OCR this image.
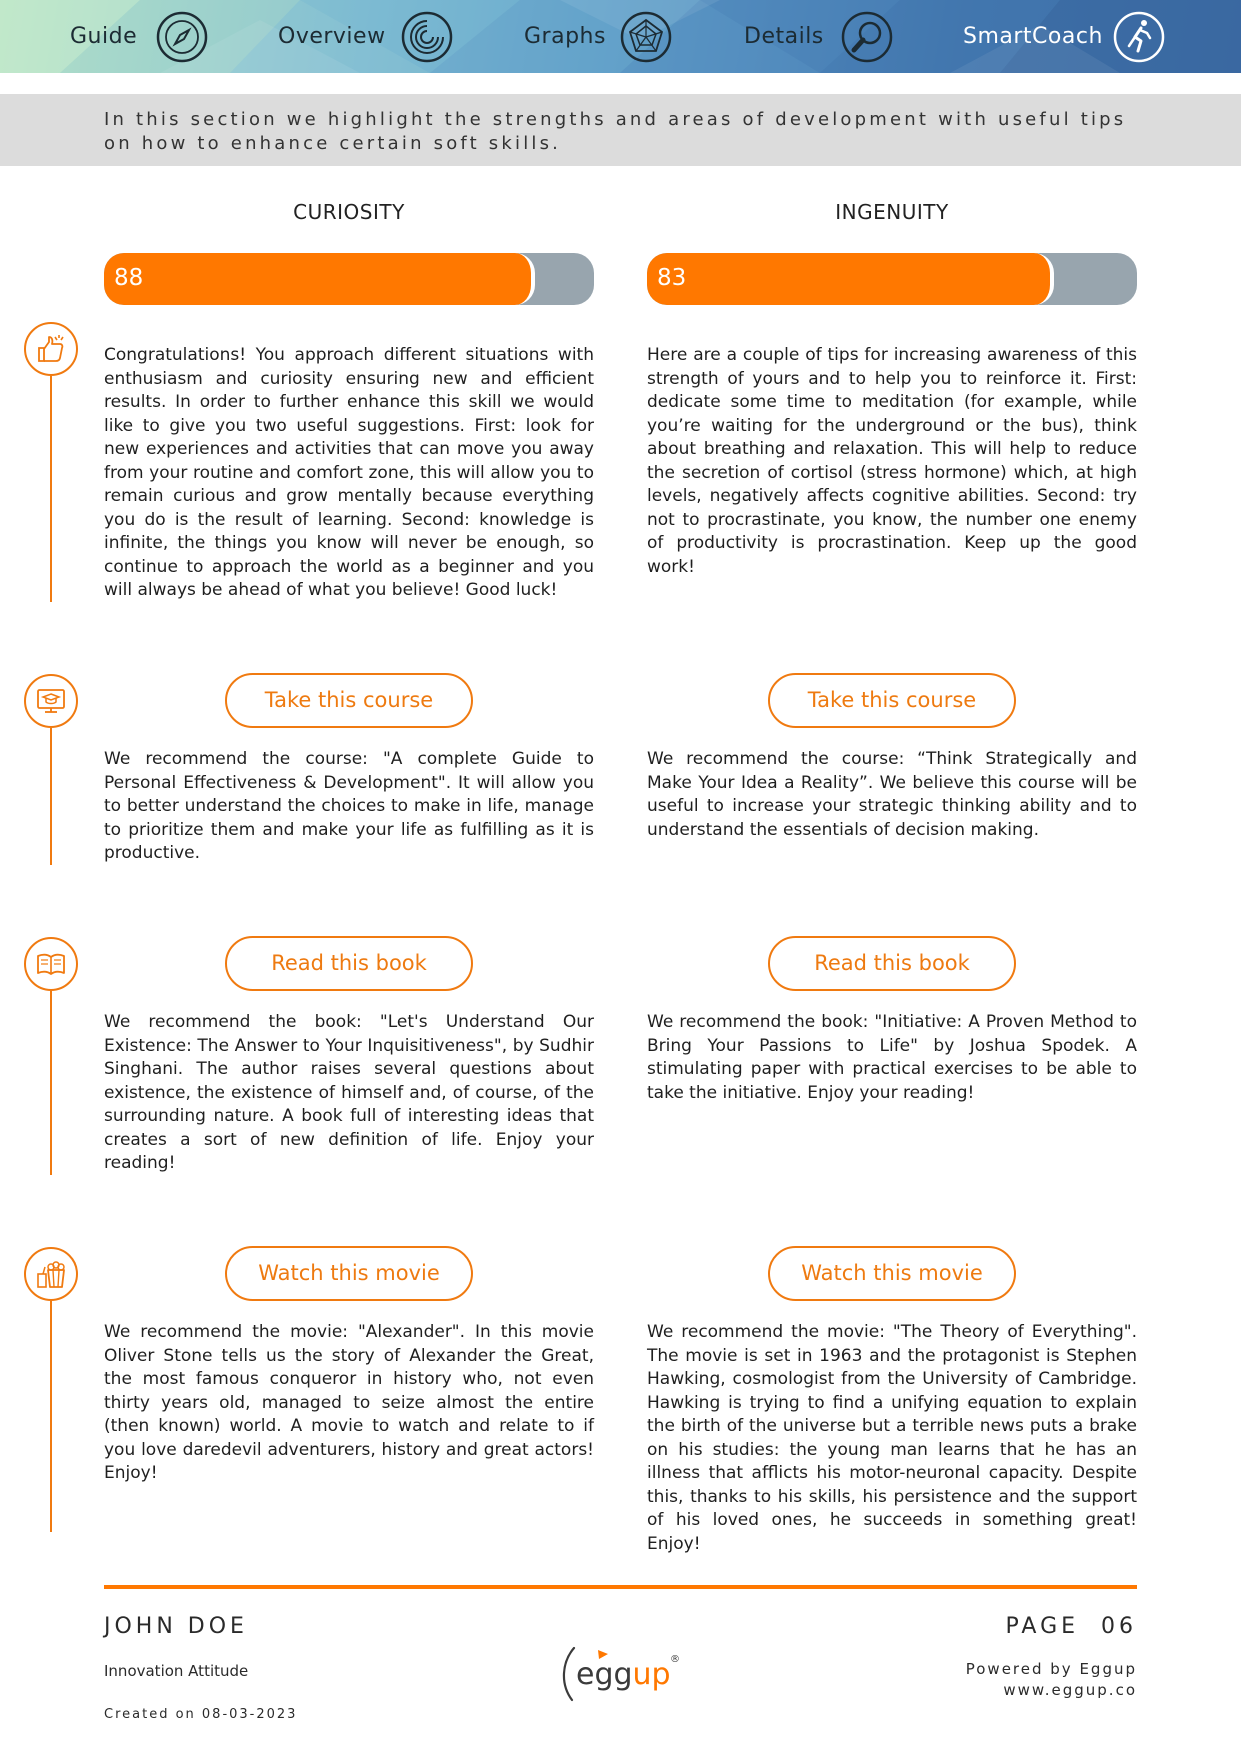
Guide	Overview	Graphs	Details	SmartCoach

In this section we highlight the strengths and areas of development with useful tips on how to enhance certain soft skills.

CURIOSITY
88

Congratulations! You approach different situations with enthusiasm and curiosity ensuring new and efficient results. In order to further enhance this skill we would like to give you two useful suggestions. First: look for new experiences and activities that can move you away from your routine and comfort zone, this will allow you to remain curious and grow mentally because everything you do is the result of learning. Second: knowledge is infinite, the things you know will never be enough, so continue to approach the world as a beginner and you will always be ahead of what you believe! Good luck!

Take this course

We recommend the course: "A complete Guide to Personal Effectiveness & Development". It will allow you to better understand the choices to make in life, manage to prioritize them and make your life as fulfilling as it is productive.

Read this book

We recommend the book: "Let's Understand Our Existence: The Answer to Your Inquisitiveness", by Sudhir Singhani. The author raises several questions about existence, the existence of himself and, of course, of the surrounding nature. A book full of interesting ideas that creates a sort of new definition of life. Enjoy your reading!

Watch this movie

We recommend the movie: "Alexander". In this movie Oliver Stone tells us the story of Alexander the Great, the most famous conqueror in history who, not even thirty years old, managed to seize almost the entire (then known) world. A movie to watch and relate to if you love daredevil adventurers, history and great actors! Enjoy!

INGENUITY
83

Here are a couple of tips for increasing awareness of this strength of yours and to help you to reinforce it. First: dedicate some time to meditation (for example, while you’re waiting for the underground or the bus), think about breathing and relaxation. This will help to reduce the secretion of cortisol (stress hormone) which, at high levels, negatively affects cognitive abilities. Second: try not to procrastinate, you know, the number one enemy of productivity is procrastination. Keep up the good work!

Take this course

We recommend the course: “Think Strategically and Make Your Idea a Reality”. We believe this course will be useful to increase your strategic thinking ability and to understand the essentials of decision making.

Read this book

We recommend the book: "Initiative: A Proven Method to Bring Your Passions to Life" by Joshua Spodek. A stimulating paper with practical exercises to be able to take the initiative. Enjoy your reading!

Watch this movie

We recommend the movie: "The Theory of Everything". The movie is set in 1963 and the protagonist is Stephen Hawking, cosmologist from the University of Cambridge. Hawking is trying to find a unifying equation to explain the birth of the universe but a terrible news puts a brake on his studies: the young man learns that he has an illness that afflicts his motor-neuronal capacity. Despite this, thanks to his skills, his persistence and the support of his loved ones, he succeeds in something great! Enjoy!

JOHN DOE
Innovation Attitude
Created on 08-03-2023
PAGE  06
Powered by Eggup
www.eggup.co
eggup ®
